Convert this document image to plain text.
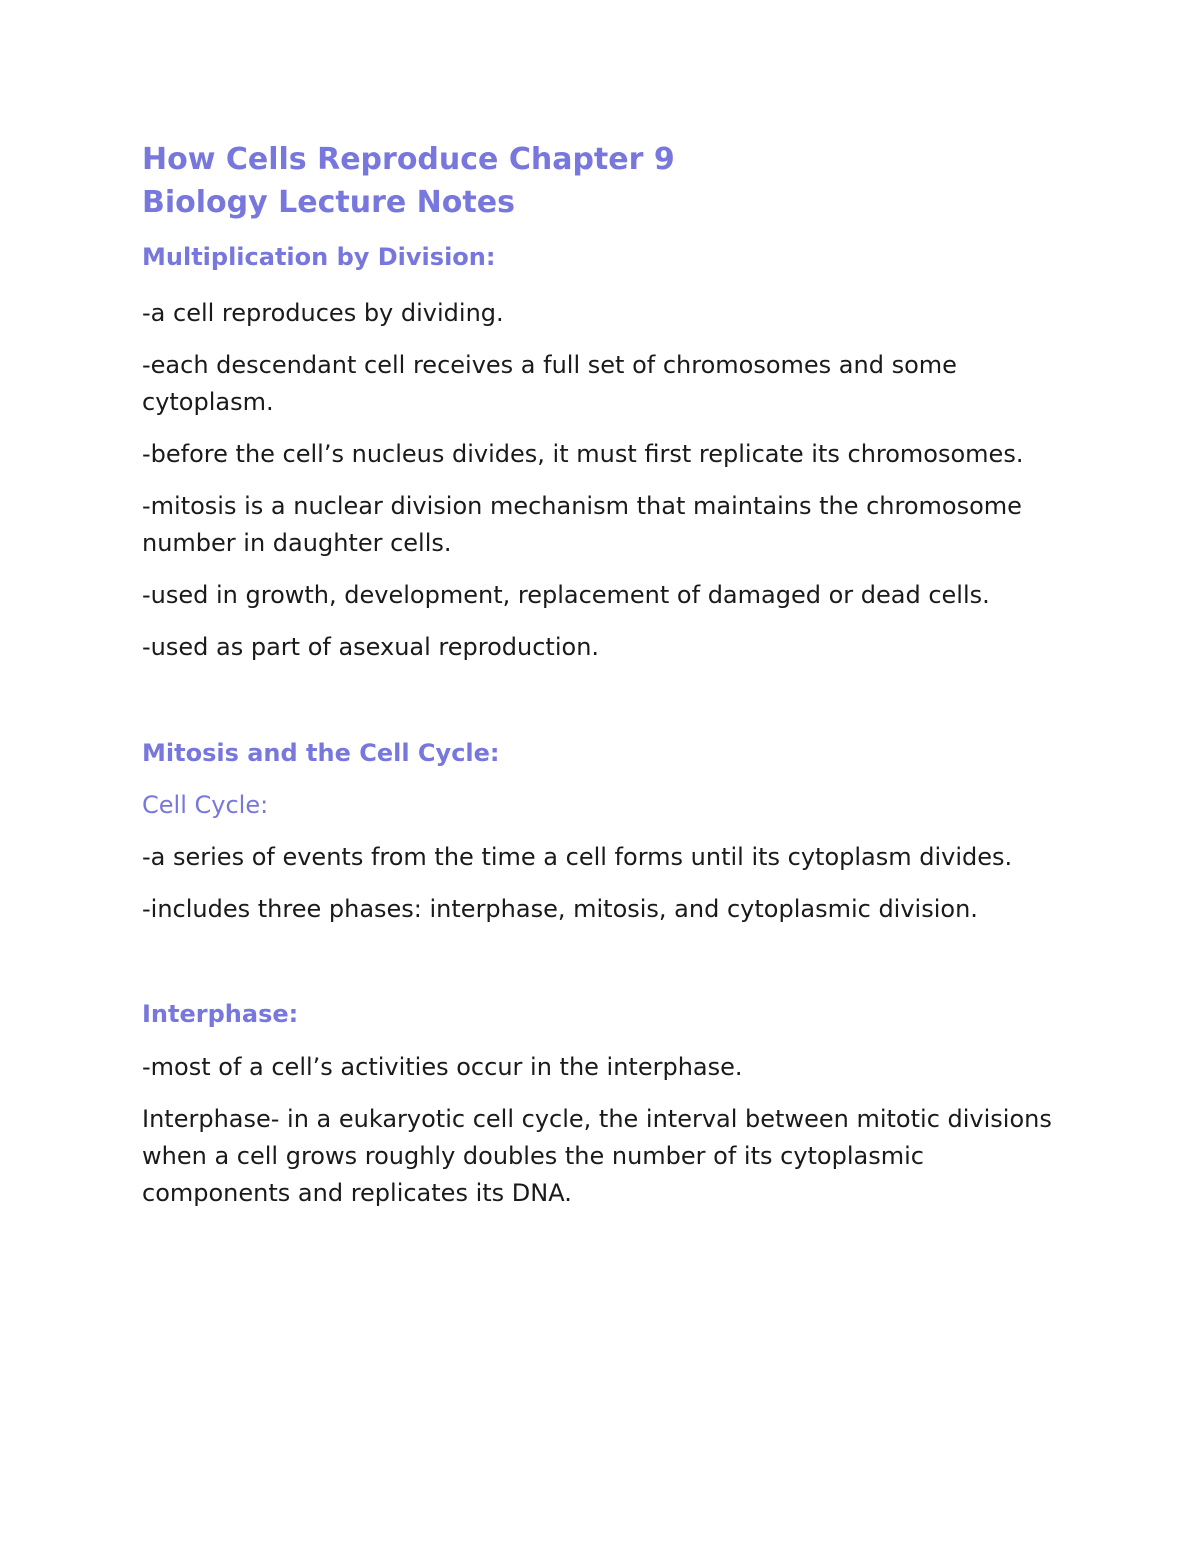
How Cells Reproduce Chapter 9
Biology Lecture Notes
Multiplication by Division:

-a cell reproduces by dividing.

-each descendant cell receives a full set of chromosomes and some cytoplasm.

-before the cell’s nucleus divides, it must first replicate its chromosomes.

-mitosis is a nuclear division mechanism that maintains the chromosome number in daughter cells.

-used in growth, development, replacement of damaged or dead cells.

-used as part of asexual reproduction.

Mitosis and the Cell Cycle:
Cell Cycle:

-a series of events from the time a cell forms until its cytoplasm divides.

-includes three phases: interphase, mitosis, and cytoplasmic division.

Interphase:

-most of a cell’s activities occur in the interphase.

Interphase- in a eukaryotic cell cycle, the interval between mitotic divisions when a cell grows roughly doubles the number of its cytoplasmic components and replicates its DNA.
